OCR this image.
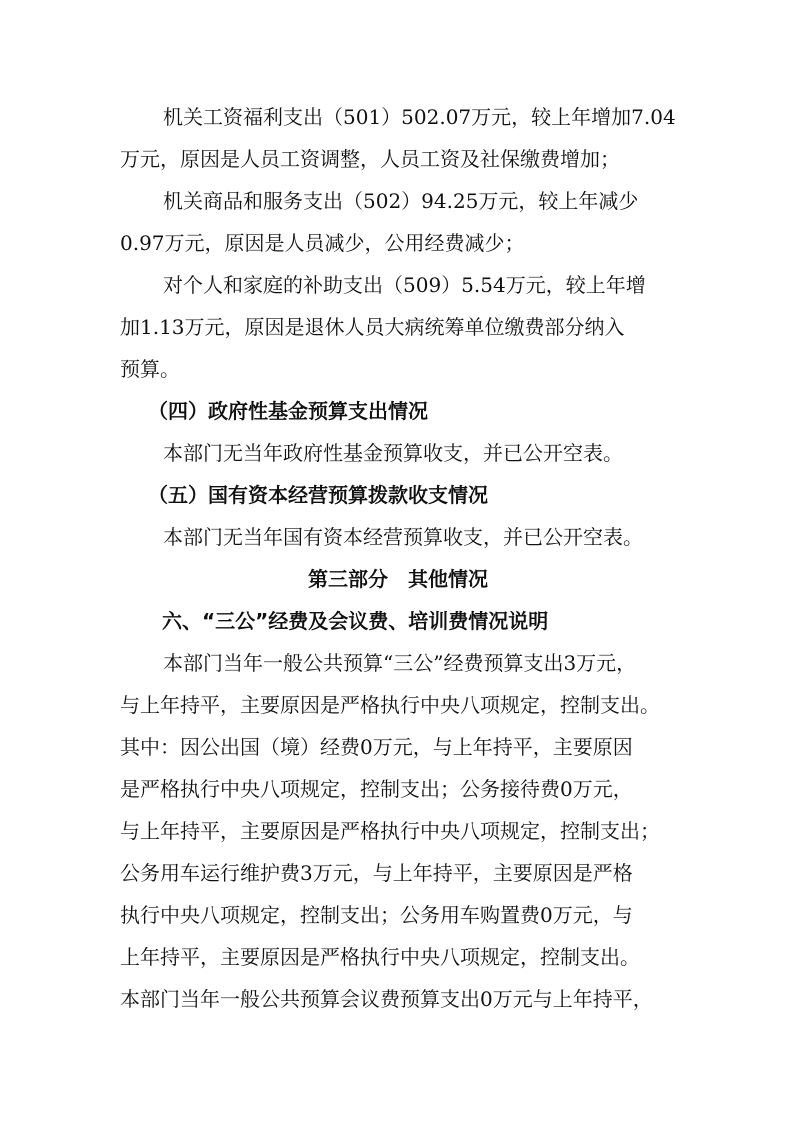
机关工资福利支出（501）502.07万元，较上年增加7.04
万元，原因是人员工资调整，人员工资及社保缴费增加；
机关商品和服务支出（502）94.25万元，较上年减少
0.97万元，原因是人员减少，公用经费减少；
对个人和家庭的补助支出（509）5.54万元，较上年增
加1.13万元，原因是退休人员大病统筹单位缴费部分纳入
预算。
（四）政府性基金预算支出情况
本部门无当年政府性基金预算收支，并已公开空表。
（五）国有资本经营预算拨款收支情况
本部门无当年国有资本经营预算收支，并已公开空表。
第三部分　其他情况
六、“三公”经费及会议费、培训费情况说明
本部门当年一般公共预算“三公”经费预算支出3万元，
与上年持平，主要原因是严格执行中央八项规定，控制支出。
其中：因公出国（境）经费0万元，与上年持平，主要原因
是严格执行中央八项规定，控制支出；公务接待费0万元，
与上年持平，主要原因是严格执行中央八项规定，控制支出；
公务用车运行维护费3万元，与上年持平，主要原因是严格
执行中央八项规定，控制支出；公务用车购置费0万元，与
上年持平，主要原因是严格执行中央八项规定，控制支出。
本部门当年一般公共预算会议费预算支出0万元与上年持平，
